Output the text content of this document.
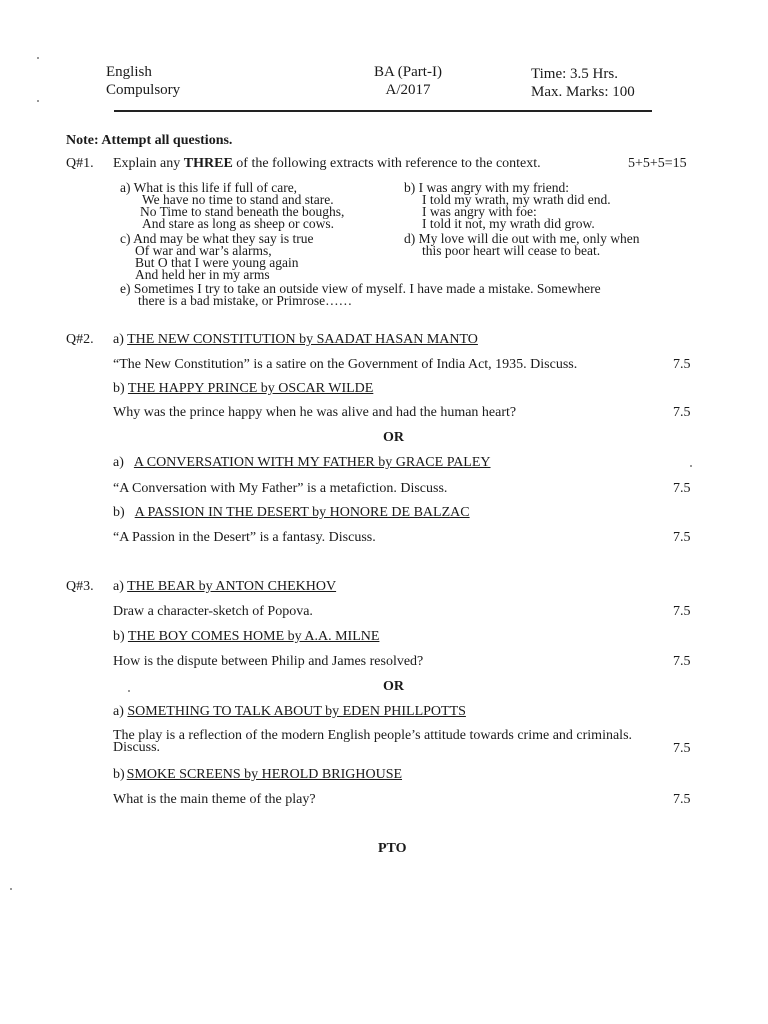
English
Compulsory
BA (Part-I)
A/2017
Time: 3.5 Hrs.
Max. Marks: 100
Note: Attempt all questions.
Q#1. Explain any THREE of the following extracts with reference to the context.	5+5+5=15
a) What is this life if full of care,
We have no time to stand and stare.
No Time to stand beneath the boughs,
And stare as long as sheep or cows.
b) I was angry with my friend:
I told my wrath, my wrath did end.
I was angry with foe:
I told it not, my wrath did grow.
c) And may be what they say is true
Of war and war’s alarms,
But O that I were young again
And held her in my arms
d) My love will die out with me, only when
this poor heart will cease to beat.
e) Sometimes I try to take an outside view of myself. I have made a mistake. Somewhere
there is a bad mistake, or Primrose……
Q#2. a) THE NEW CONSTITUTION by SAADAT HASAN MANTO
“The New Constitution” is a satire on the Government of India Act, 1935. Discuss.	7.5
b) THE HAPPY PRINCE by OSCAR WILDE
Why was the prince happy when he was alive and had the human heart?	7.5
OR
a) A CONVERSATION WITH MY FATHER by GRACE PALEY
“A Conversation with My Father” is a metafiction. Discuss.	7.5
b) A PASSION IN THE DESERT by HONORE DE BALZAC
“A Passion in the Desert” is a fantasy. Discuss.	7.5
Q#3. a) THE BEAR by ANTON CHEKHOV
Draw a character-sketch of Popova.	7.5
b) THE BOY COMES HOME by A.A. MILNE
How is the dispute between Philip and James resolved?	7.5
OR
a) SOMETHING TO TALK ABOUT by EDEN PHILLPOTTS
The play is a reflection of the modern English people’s attitude towards crime and criminals.
Discuss.	7.5
b) SMOKE SCREENS by HEROLD BRIGHOUSE
What is the main theme of the play?	7.5
PTO
